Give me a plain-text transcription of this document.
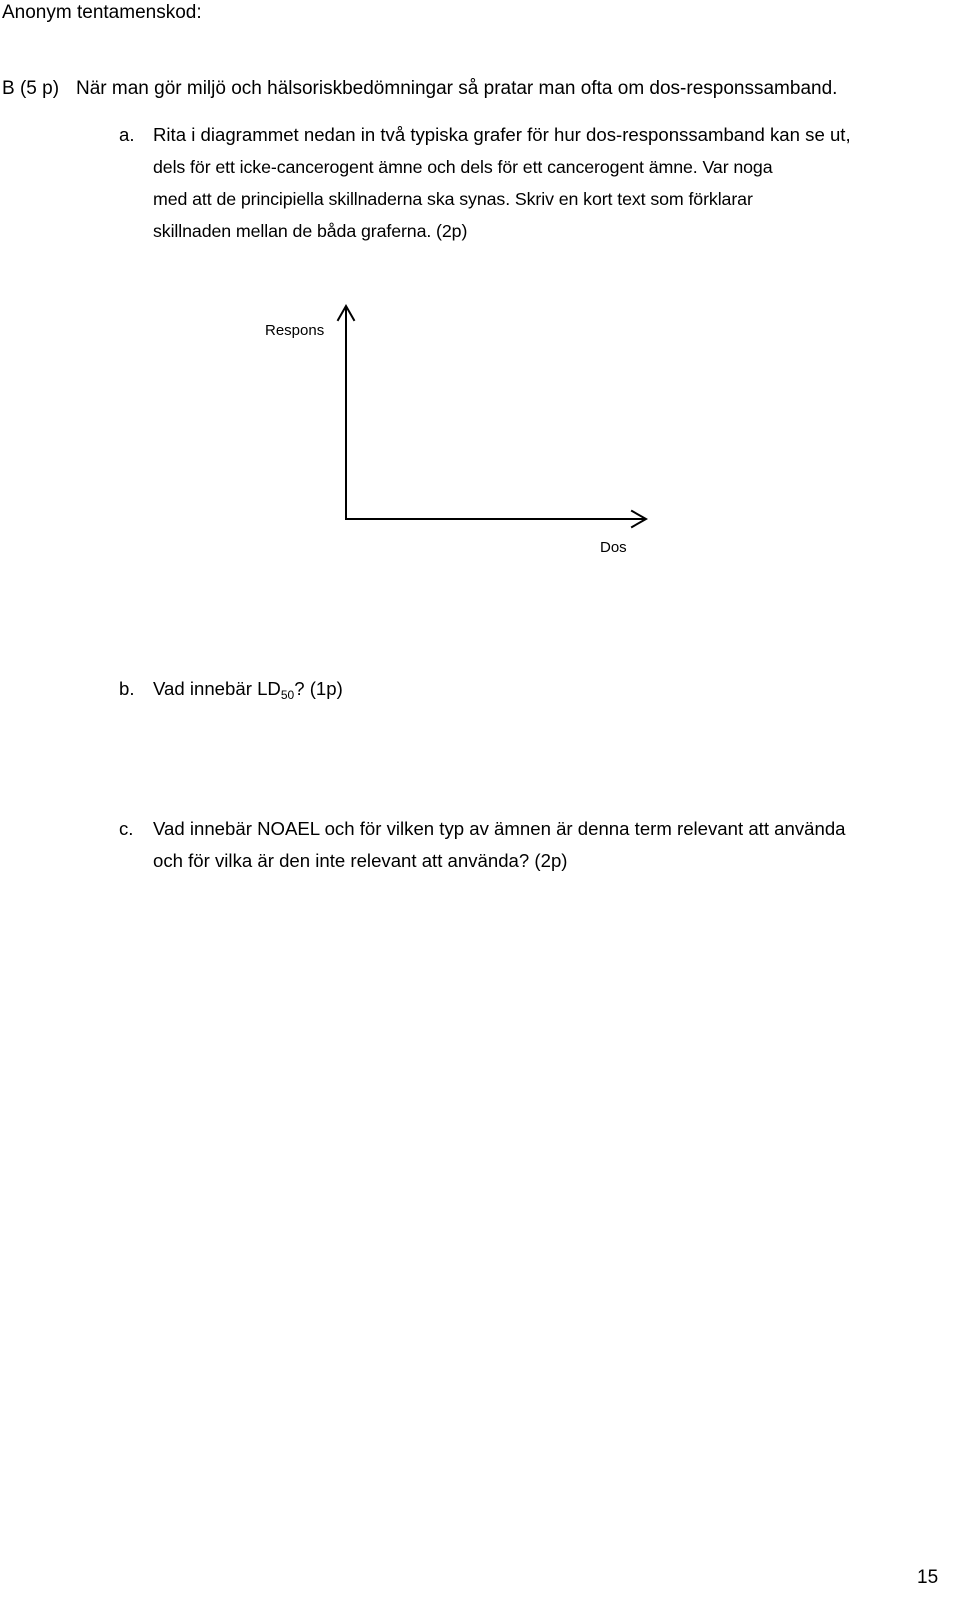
Anonym tentamenskod:
B (5 p) När man gör miljö och hälsoriskbedömningar så pratar man ofta om dos-responssamband.
a. Rita i diagrammet nedan in två typiska grafer för hur dos-responssamband kan se ut,
dels för ett icke-cancerogent ämne och dels för ett cancerogent ämne. Var noga
med att de principiella skillnaderna ska synas. Skriv en kort text som förklarar
skillnaden mellan de båda graferna. (2p)
Respons
Dos
b. Vad innebär $LD_{50}$? (1p)
c. Vad innebär NOAEL och för vilken typ av ämnen är denna term relevant att använda
och för vilka är den inte relevant att använda? (2p)
15
